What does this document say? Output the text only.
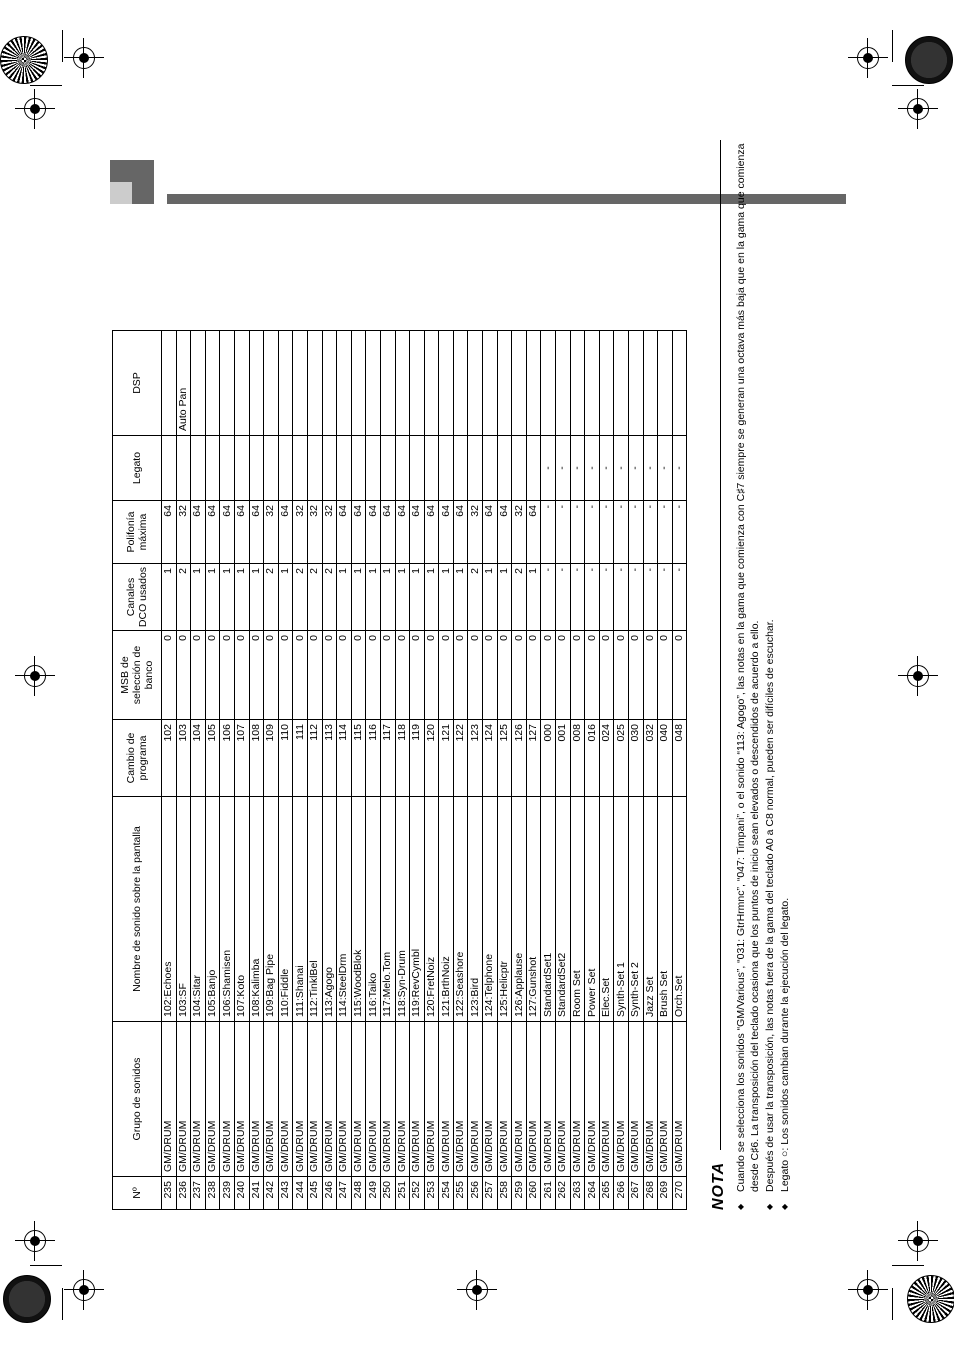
Nº	Grupo de sonidos	Nombre de sonido sobre la pantalla	Cambio de programa	MSB de selección de banco	Canales DCO usados	Polifonía máxima	Legato	DSP
235	GM/DRUM	102:Echoes	102	0	1	64		
236	GM/DRUM	103:SF	103	0	2	32		Auto Pan
237	GM/DRUM	104:Sitar	104	0	1	64		
238	GM/DRUM	105:Banjo	105	0	1	64		
239	GM/DRUM	106:Shamisen	106	0	1	64		
240	GM/DRUM	107:Koto	107	0	1	64		
241	GM/DRUM	108:Kalimba	108	0	1	64		
242	GM/DRUM	109:Bag Pipe	109	0	2	32		
243	GM/DRUM	110:Fiddle	110	0	1	64		
244	GM/DRUM	111:Shanai	111	0	2	32		
245	GM/DRUM	112:TinklBel	112	0	2	32		
246	GM/DRUM	113:Agogo	113	0	2	32		
247	GM/DRUM	114:SteelDrm	114	0	1	64		
248	GM/DRUM	115:WoodBlok	115	0	1	64		
249	GM/DRUM	116:Taiko	116	0	1	64		
250	GM/DRUM	117:Melo.Tom	117	0	1	64		
251	GM/DRUM	118:Syn-Drum	118	0	1	64		
252	GM/DRUM	119:RevCymbl	119	0	1	64		
253	GM/DRUM	120:FretNoiz	120	0	1	64		
254	GM/DRUM	121:BrthNoiz	121	0	1	64		
255	GM/DRUM	122:Seashore	122	0	1	64		
256	GM/DRUM	123:Bird	123	0	2	32		
257	GM/DRUM	124:Telphone	124	0	1	64		
258	GM/DRUM	125:Helicptr	125	0	1	64		
259	GM/DRUM	126:Applause	126	0	2	32		
260	GM/DRUM	127:Gunshot	127	0	1	64		
261	GM/DRUM	StandardSet1	000	0	-	-	-	
262	GM/DRUM	StandardSet2	001	0	-	-	-	
263	GM/DRUM	Room Set	008	0	-	-	-	
264	GM/DRUM	Power Set	016	0	-	-	-	
265	GM/DRUM	Elec.Set	024	0	-	-	-	
266	GM/DRUM	Synth-Set 1	025	0	-	-	-	
267	GM/DRUM	Synth-Set 2	030	0	-	-	-	
268	GM/DRUM	Jazz Set	032	0	-	-	-	
269	GM/DRUM	Brush Set	040	0	-	-	-	
270	GM/DRUM	Orch.Set	048	0	-	-	-	
NOTA ◆ Cuando se selecciona los sonidos “GM/Various”, “031: GtrHrmnc”, “047: Timpani”, o el sonido “113: Agogo”, las notas en la gama que comienza con C♯7 siempre se generan una octava más baja que en la gama que comienza desde C♯6. La transposición del teclado ocasiona que los puntos de inicio sean elevados o descendidos de acuerdo a ello. ◆ Después de usar la transposición, las notas fuera de la gama del teclado A0 a C8 normal, pueden ser difíciles de escuchar. ◆ Legato ○: Los sonidos cambian durante la ejecución del legato.
